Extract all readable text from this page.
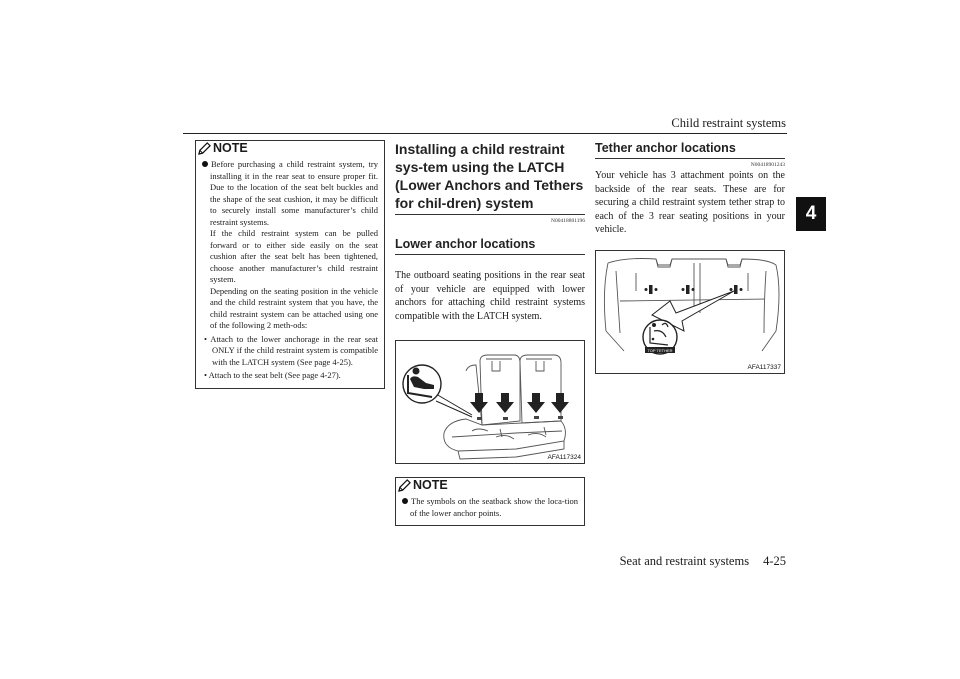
Child restraint systems
4
NOTE

Before purchasing a child restraint system, try installing it in the rear seat to ensure proper fit. Due to the location of the seat belt buckles and the shape of the seat cushion, it may be difficult to securely install some manufacturer’s child restraint systems.

If the child restraint system can be pulled forward or to either side easily on the seat cushion after the seat belt has been tightened, choose another manufacturer’s child restraint system.

Depending on the seating position in the vehicle and the child restraint system that you have, the child restraint system can be attached using one of the following 2 meth-ods:

• Attach to the lower anchorage in the rear seat ONLY if the child restraint system is compatible with the LATCH system (See page 4-25).

• Attach to the seat belt (See page 4-27).

Installing a child restraint sys-tem using the LATCH (Lower Anchors and Tethers for chil-dren) system
N00418801196
Lower anchor locations
The outboard seating positions in the rear seat of your vehicle are equipped with lower anchors for attaching child restraint systems compatible with the LATCH system.
AFA117324
NOTE

The symbols on the seatback show the loca-tion of the lower anchor points.

Tether anchor locations
N00418901243
Your vehicle has 3 attachment points on the backside of the rear seats. These are for securing a child restraint system tether strap to each of the 3 rear seating positions in your vehicle.
TOP TETHER
AFA117337
Seat and restraint systems 4-25
